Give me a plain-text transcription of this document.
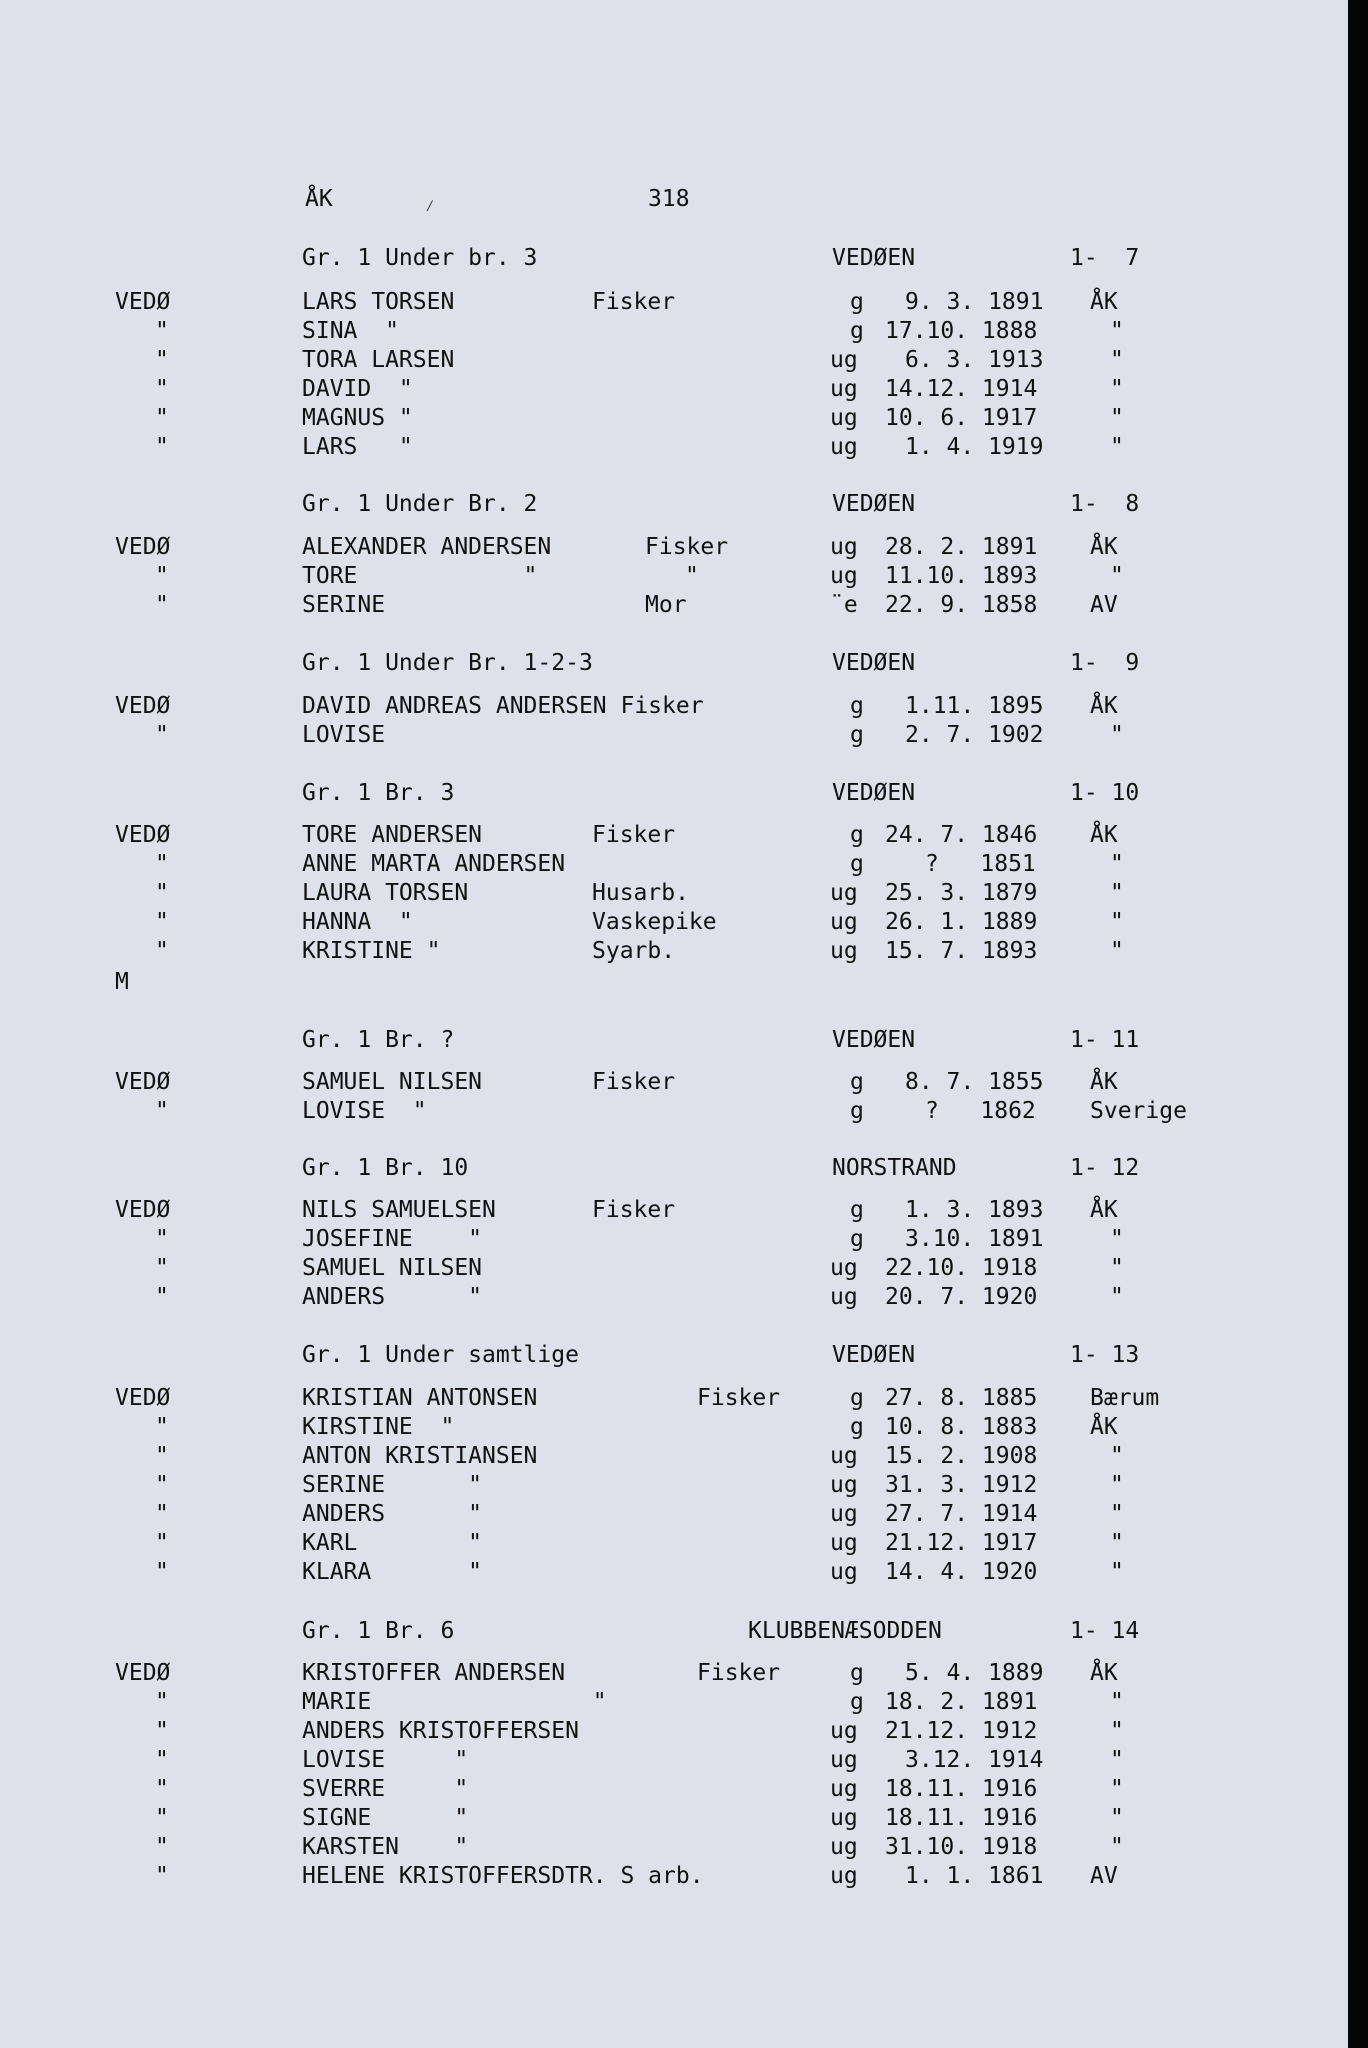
ÅK	⁄	318
Gr. 1 Under br. 3	VEDØEN	1-  7
VEDØ	LARS TORSEN	Fisker	g 9. 3. 1891 ÅK
"	SINA  "	g 17.10. 1888	"
"	TORA LARSEN	ug 6. 3. 1913	"
"	DAVID  "	ug 14.12. 1914	"
"	MAGNUS "	ug 10. 6. 1917	"
"	LARS   "	ug 1. 4. 1919	"
Gr. 1 Under Br. 2	VEDØEN	1-  8
VEDØ	ALEXANDER ANDERSEN	Fisker	ug 28. 2. 1891 ÅK
"	TORE            "	"	ug 11.10. 1893	"
"	SERINE	Mor	¨e 22. 9. 1858 AV
Gr. 1 Under Br. 1-2-3	VEDØEN	1-  9
VEDØ	DAVID ANDREAS ANDERSEN Fisker	g 1.11. 1895 ÅK
"	LOVISE	g 2. 7. 1902	"
Gr. 1 Br. 3	VEDØEN	1- 10
VEDØ	TORE ANDERSEN	Fisker	g 24. 7. 1846 ÅK
"	ANNE MARTA ANDERSEN	g	?   1851	"
"	LAURA TORSEN	Husarb.	ug 25. 3. 1879	"
"	HANNA  "	Vaskepike	ug 26. 1. 1889	"
"	KRISTINE "	Syarb.	ug 15. 7. 1893	"
M
Gr. 1 Br. ?	VEDØEN	1- 11
VEDØ	SAMUEL NILSEN	Fisker	g 8. 7. 1855 ÅK
"	LOVISE  "	g	?   1862 Sverige
Gr. 1 Br. 10	NORSTRAND	1- 12
VEDØ	NILS SAMUELSEN	Fisker	g 1. 3. 1893 ÅK
"	JOSEFINE    "	g 3.10. 1891	"
"	SAMUEL NILSEN	ug 22.10. 1918	"
"	ANDERS      "	ug 20. 7. 1920	"
Gr. 1 Under samtlige	VEDØEN	1- 13
VEDØ	KRISTIAN ANTONSEN	Fisker	g 27. 8. 1885 Bærum
"	KIRSTINE  "	g 10. 8. 1883 ÅK
"	ANTON KRISTIANSEN	ug 15. 2. 1908	"
"	SERINE      "	ug 31. 3. 1912	"
"	ANDERS      "	ug 27. 7. 1914	"
"	KARL        "	ug 21.12. 1917	"
"	KLARA       "	ug 14. 4. 1920	"
Gr. 1 Br. 6	KLUBBENÆSODDEN	1- 14
VEDØ	KRISTOFFER ANDERSEN	Fisker	g 5. 4. 1889 ÅK
"	MARIE                "	g 18. 2. 1891	"
"	ANDERS KRISTOFFERSEN	ug 21.12. 1912	"
"	LOVISE     "	ug 3.12. 1914	"
"	SVERRE     "	ug 18.11. 1916	"
"	SIGNE      "	ug 18.11. 1916	"
"	KARSTEN    "	ug 31.10. 1918	"
"	HELENE KRISTOFFERSDTR. S arb.	ug 1. 1. 1861 AV
